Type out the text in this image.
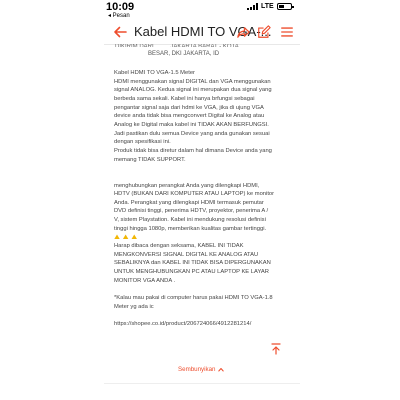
10:09
◂ Pesan
LTE
Kabel HDMI TO VGA-...
DIKIRIM DARI ........ JAKARTA BARAT - KOTA ........
BESAR, DKI JAKARTA, ID

Kabel HDMI TO VGA-1.5 Meter

HDMI menggunakan signal DIGITAL dan VGA menggunakan

signal ANALOG. Kedua signal ini merupakan dua signal yang

berbeda sama sekali. Kabel ini hanya brfungsi sebagai

pengantar signal saja dari hdmi ke VGA, jika di ujung VGA

device anda tidak bisa mengconvert Digital ke Analog atau

Analog ke Digital maka kabel ini TIDAK AKAN BERFUNGSI.

Jadi pastikan dulu semua Device yang anda gunakan sesuai

dengan spesifikasi ini.

Produk tidak bisa diretur dalam hal dimana Device anda yang

memang TIDAK SUPPORT.

menghubungkan perangkat Anda yang dilengkapi HDMI,

HDTV (BUKAN DARI KOMPUTER ATAU LAPTOP) ke monitor

Anda. Perangkat yang dilengkapi HDMI termasuk pemutar

DVD definisi tinggi, penerima HDTV, proyektor, penerima A /

V, sistem Playstation. Kabel ini mendukung resolusi definisi

tinggi hingga 1080p, memberikan kualitas gambar tertinggi.

Harap dibaca dengan seksama, KABEL INI TIDAK

MENGKONVERSI SIGNAL DIGITAL KE ANALOG ATAU

SEBALIKNYA dan KABEL INI TIDAK BISA DIPERGUNAKAN

UNTUK MENGHUBUNGKAN PC ATAU LAPTOP KE LAYAR

MONITOR VGA ANDA .

*Kalau mau pakai di computer harus pakai HDMI TO VGA-1.8

Meter yg ada ic

https://shopee.co.id/product/206724066/4912281214/

Sembunyikan
